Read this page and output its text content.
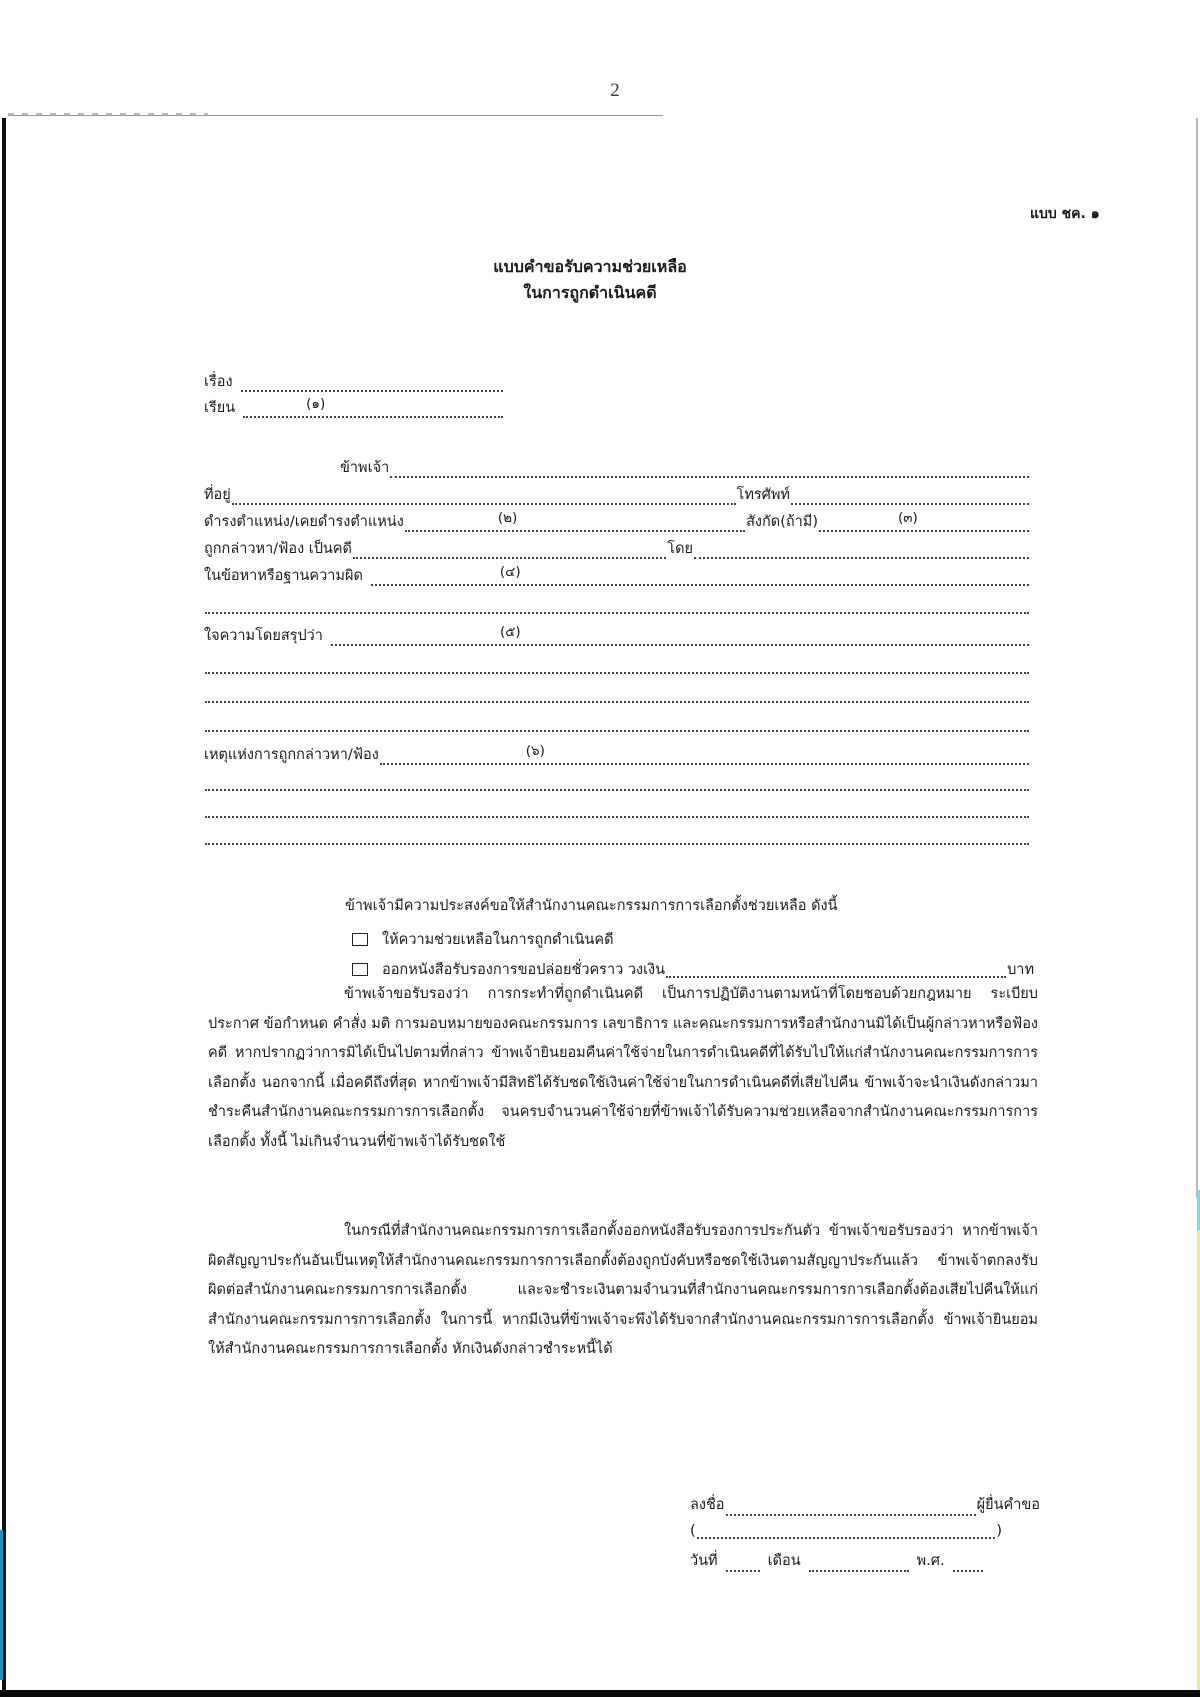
2
แบบ ชค. ๑
แบบคำขอรับความช่วยเหลือ
ในการถูกดำเนินคดี
เรื่อง
เรียน	(๑)
ข้าพเจ้า
ที่อยู่	โทรศัพท์
ดำรงตำแหน่ง/เคยดำรงตำแหน่ง	(๒)	สังกัด(ถ้ามี)	(๓)
ถูกกล่าวหา/ฟ้อง เป็นคดี	โดย
ในข้อหาหรือฐานความผิด	(๔)
ใจความโดยสรุปว่า	(๕)
เหตุแห่งการถูกกล่าวหา/ฟ้อง	(๖)
ข้าพเจ้ามีความประสงค์ขอให้สำนักงานคณะกรรมการการเลือกตั้งช่วยเหลือ ดังนี้
ให้ความช่วยเหลือในการถูกดำเนินคดี
ออกหนังสือรับรองการขอปล่อยชั่วคราว วงเงิน	บาท
ข้าพเจ้าขอรับรองว่า การกระทำที่ถูกดำเนินคดี เป็นการปฏิบัติงานตามหน้าที่โดยชอบด้วยกฎหมาย ระเบียบ ประกาศ ข้อกำหนด คำสั่ง มติ การมอบหมายของคณะกรรมการ เลขาธิการ และคณะกรรมการหรือสำนักงานมิได้เป็นผู้กล่าวหาหรือฟ้องคดี หากปรากฏว่าการมิได้เป็นไปตามที่กล่าว ข้าพเจ้ายินยอมคืนค่าใช้จ่ายในการดำเนินคดีที่ได้รับไปให้แก่สำนักงานคณะกรรมการการเลือกตั้ง นอกจากนี้ เมื่อคดีถึงที่สุด หากข้าพเจ้ามีสิทธิได้รับชดใช้เงินค่าใช้จ่ายในการดำเนินคดีที่เสียไปคืน ข้าพเจ้าจะนำเงินดังกล่าวมาชำระคืนสำนักงานคณะกรรมการการเลือกตั้ง จนครบจำนวนค่าใช้จ่ายที่ข้าพเจ้าได้รับความช่วยเหลือจากสำนักงานคณะกรรมการการเลือกตั้ง ทั้งนี้ ไม่เกินจำนวนที่ข้าพเจ้าได้รับชดใช้
ในกรณีที่สำนักงานคณะกรรมการการเลือกตั้งออกหนังสือรับรองการประกันตัว ข้าพเจ้าขอรับรองว่า หากข้าพเจ้าผิดสัญญาประกันอันเป็นเหตุให้สำนักงานคณะกรรมการการเลือกตั้งต้องถูกบังคับหรือชดใช้เงินตามสัญญาประกันแล้ว ข้าพเจ้าตกลงรับผิดต่อสำนักงานคณะกรรมการการเลือกตั้ง และจะชำระเงินตามจำนวนที่สำนักงานคณะกรรมการการเลือกตั้งต้องเสียไปคืนให้แก่สำนักงานคณะกรรมการการเลือกตั้ง ในการนี้ หากมีเงินที่ข้าพเจ้าจะพึงได้รับจากสำนักงานคณะกรรมการการเลือกตั้ง ข้าพเจ้ายินยอมให้สำนักงานคณะกรรมการการเลือกตั้ง หักเงินดังกล่าวชำระหนี้ได้
ลงชื่อ	ผู้ยื่นคำขอ
(	)
วันที่	เดือน	พ.ศ.
